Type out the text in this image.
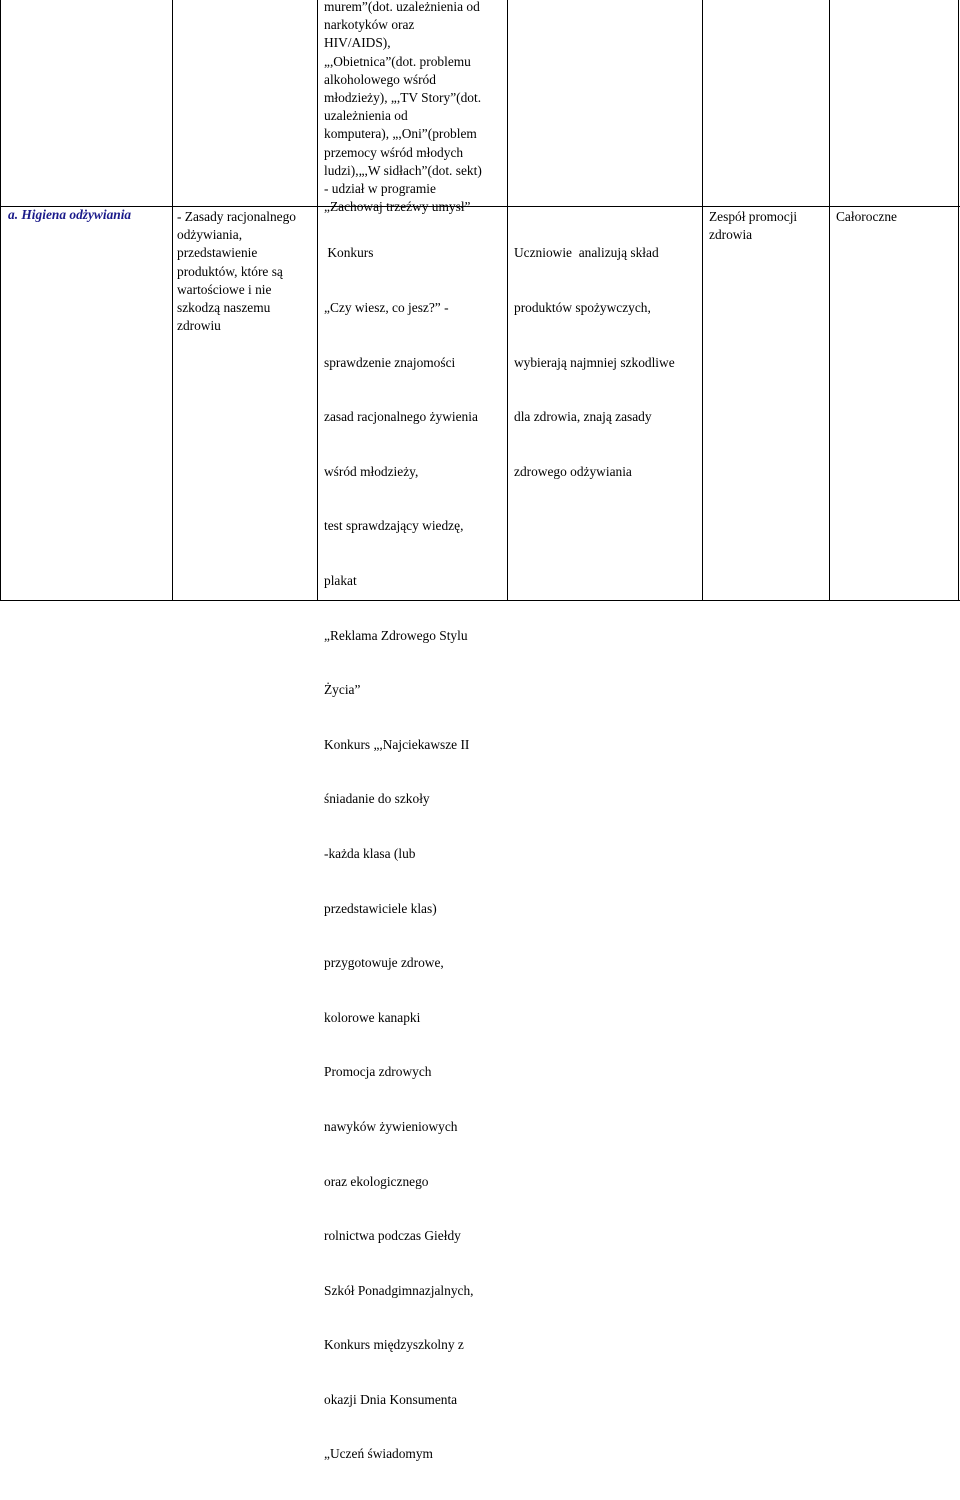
murem”(dot. uzależnienia od
narkotyków oraz
HIV/AIDS),
„,Obietnica”(dot. problemu
alkoholowego wśród
młodzieży), „,TV Story”(dot.
uzależnienia od
komputera), „,Oni”(problem
przemocy wśród młodych
ludzi),„,W sidłach”(dot. sekt)
- udział w programie
„Zachowaj trzeźwy umysł”
a. Higiena odżywiania	- Zasady racjonalnego
odżywiania,
przedstawienie
produktów, które są
wartościowe i nie
szkodzą naszemu
zdrowiu

Konkurs

„Czy wiesz, co jesz?” -

sprawdzenie znajomości

zasad racjonalnego żywienia

wśród młodzieży,

test sprawdzający wiedzę,

plakat

„Reklama Zdrowego Stylu

Życia”

Konkurs „,Najciekawsze II

śniadanie do szkoły

-każda klasa (lub

przedstawiciele klas)

przygotowuje zdrowe,

kolorowe kanapki

Promocja zdrowych

nawyków żywieniowych

oraz ekologicznego

rolnictwa podczas Giełdy

Szkół Ponadgimnazjalnych,

Konkurs międzyszkolny z

okazji Dnia Konsumenta

„Uczeń świadomym

Uczniowie  analizują skład

produktów spożywczych,

wybierają najmniej szkodliwe

dla zdrowia, znają zasady

zdrowego odżywiania

Zespół promocji
zdrowia
Całoroczne
